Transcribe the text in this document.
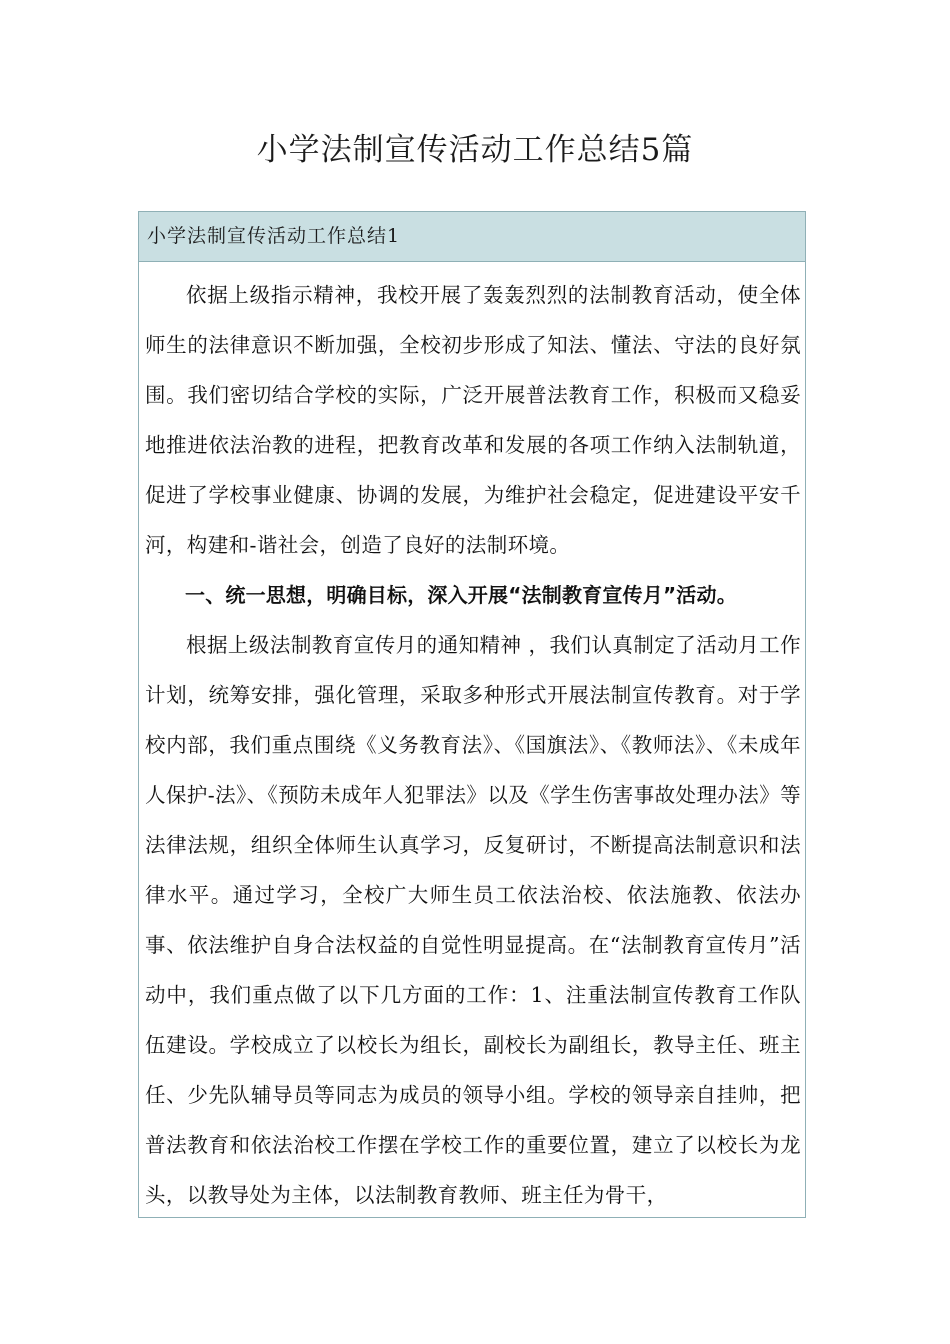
小学法制宣传活动工作总结5篇
小学法制宣传活动工作总结1

依据上级指示精神，我校开展了轰轰烈烈的法制教育活动，使全体师生的法律意识不断加强，全校初步形成了知法、懂法、守法的良好氛围。我们密切结合学校的实际，广泛开展普法教育工作，积极而又稳妥地推进依法治教的进程，把教育改革和发展的各项工作纳入法制轨道，促进了学校事业健康、协调的发展，为维护社会稳定，促进建设平安千河，构建和-谐社会，创造了良好的法制环境。

一、统一思想，明确目标，深入开展“法制教育宣传月”活动。

根据上级法制教育宣传月的通知精神 ，我们认真制定了活动月工作计划，统筹安排，强化管理，采取多种形式开展法制宣传教育。对于学校内部，我们重点围绕《义务教育法》、《国旗法》、《教师法》、《未成年人保护-法》、《预防未成年人犯罪法》以及《学生伤害事故处理办法》等法律法规，组织全体师生认真学习，反复研讨，不断提高法制意识和法律水平。通过学习，全校广大师生员工依法治校、依法施教、依法办事、依法维护自身合法权益的自觉性明显提高。在“法制教育宣传月”活动中，我们重点做了以下几方面的工作：1、注重法制宣传教育工作队伍建设。学校成立了以校长为组长，副校长为副组长，教导主任、班主任、少先队辅导员等同志为成员的领导小组。学校的领导亲自挂帅，把普法教育和依法治校工作摆在学校工作的重要位置，建立了以校长为龙头，以教导处为主体，以法制教育教师、班主任为骨干，
